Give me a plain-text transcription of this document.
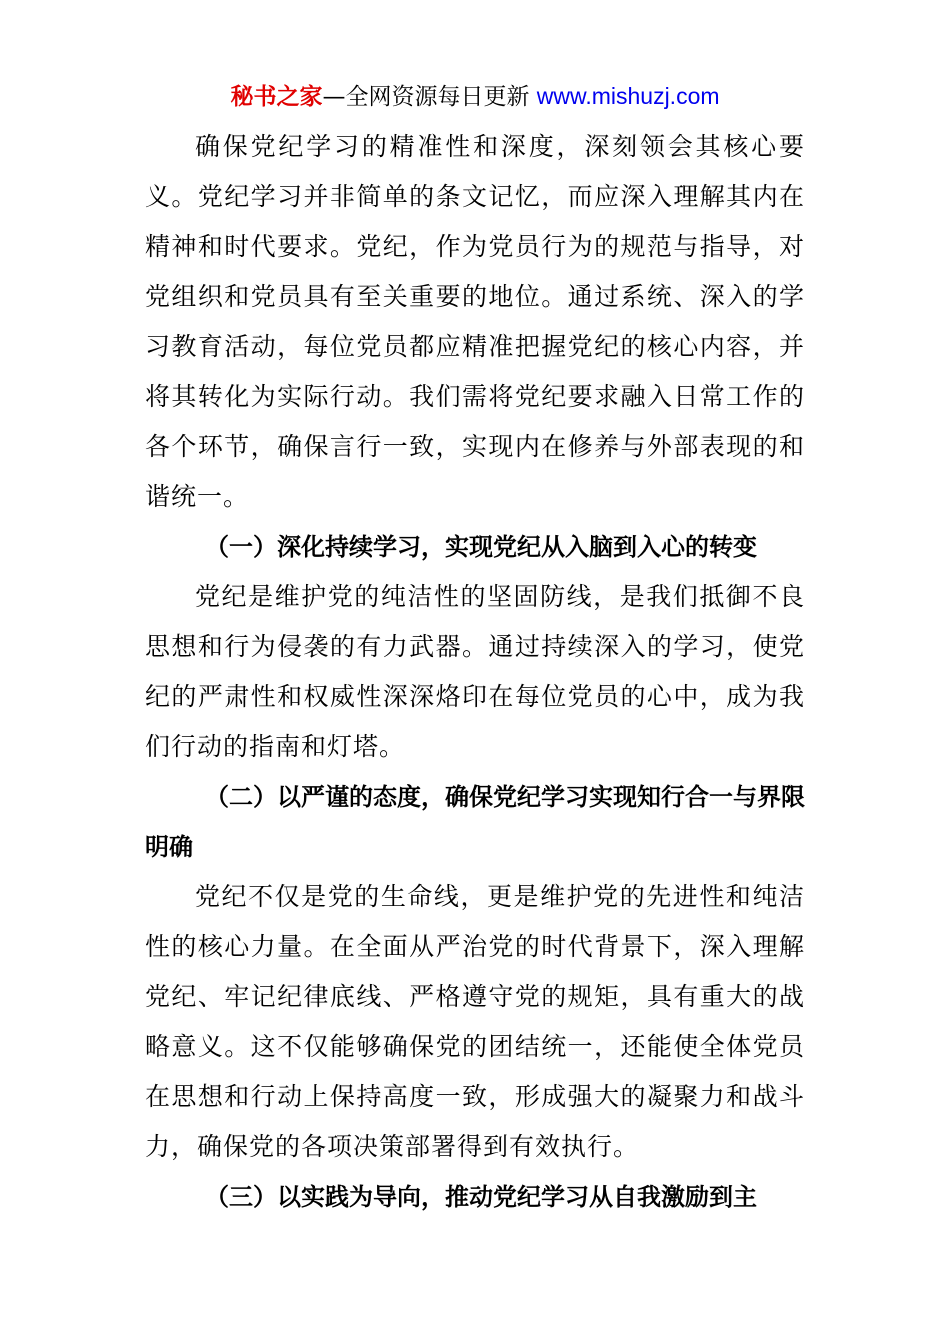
秘书之家—全网资源每日更新 www.mishuzj.com

确保党纪学习的精准性和深度，深刻领会其核心要义。党纪学习并非简单的条文记忆，而应深入理解其内在精神和时代要求。党纪，作为党员行为的规范与指导，对党组织和党员具有至关重要的地位。通过系统、深入的学习教育活动，每位党员都应精准把握党纪的核心内容，并将其转化为实际行动。我们需将党纪要求融入日常工作的各个环节，确保言行一致，实现内在修养与外部表现的和谐统一。

（一）深化持续学习，实现党纪从入脑到入心的转变

党纪是维护党的纯洁性的坚固防线，是我们抵御不良思想和行为侵袭的有力武器。通过持续深入的学习，使党纪的严肃性和权威性深深烙印在每位党员的心中，成为我们行动的指南和灯塔。

（二）以严谨的态度，确保党纪学习实现知行合一与界限明确

党纪不仅是党的生命线，更是维护党的先进性和纯洁性的核心力量。在全面从严治党的时代背景下，深入理解党纪、牢记纪律底线、严格遵守党的规矩，具有重大的战略意义。这不仅能够确保党的团结统一，还能使全体党员在思想和行动上保持高度一致，形成强大的凝聚力和战斗力，确保党的各项决策部署得到有效执行。

（三）以实践为导向，推动党纪学习从自我激励到主
